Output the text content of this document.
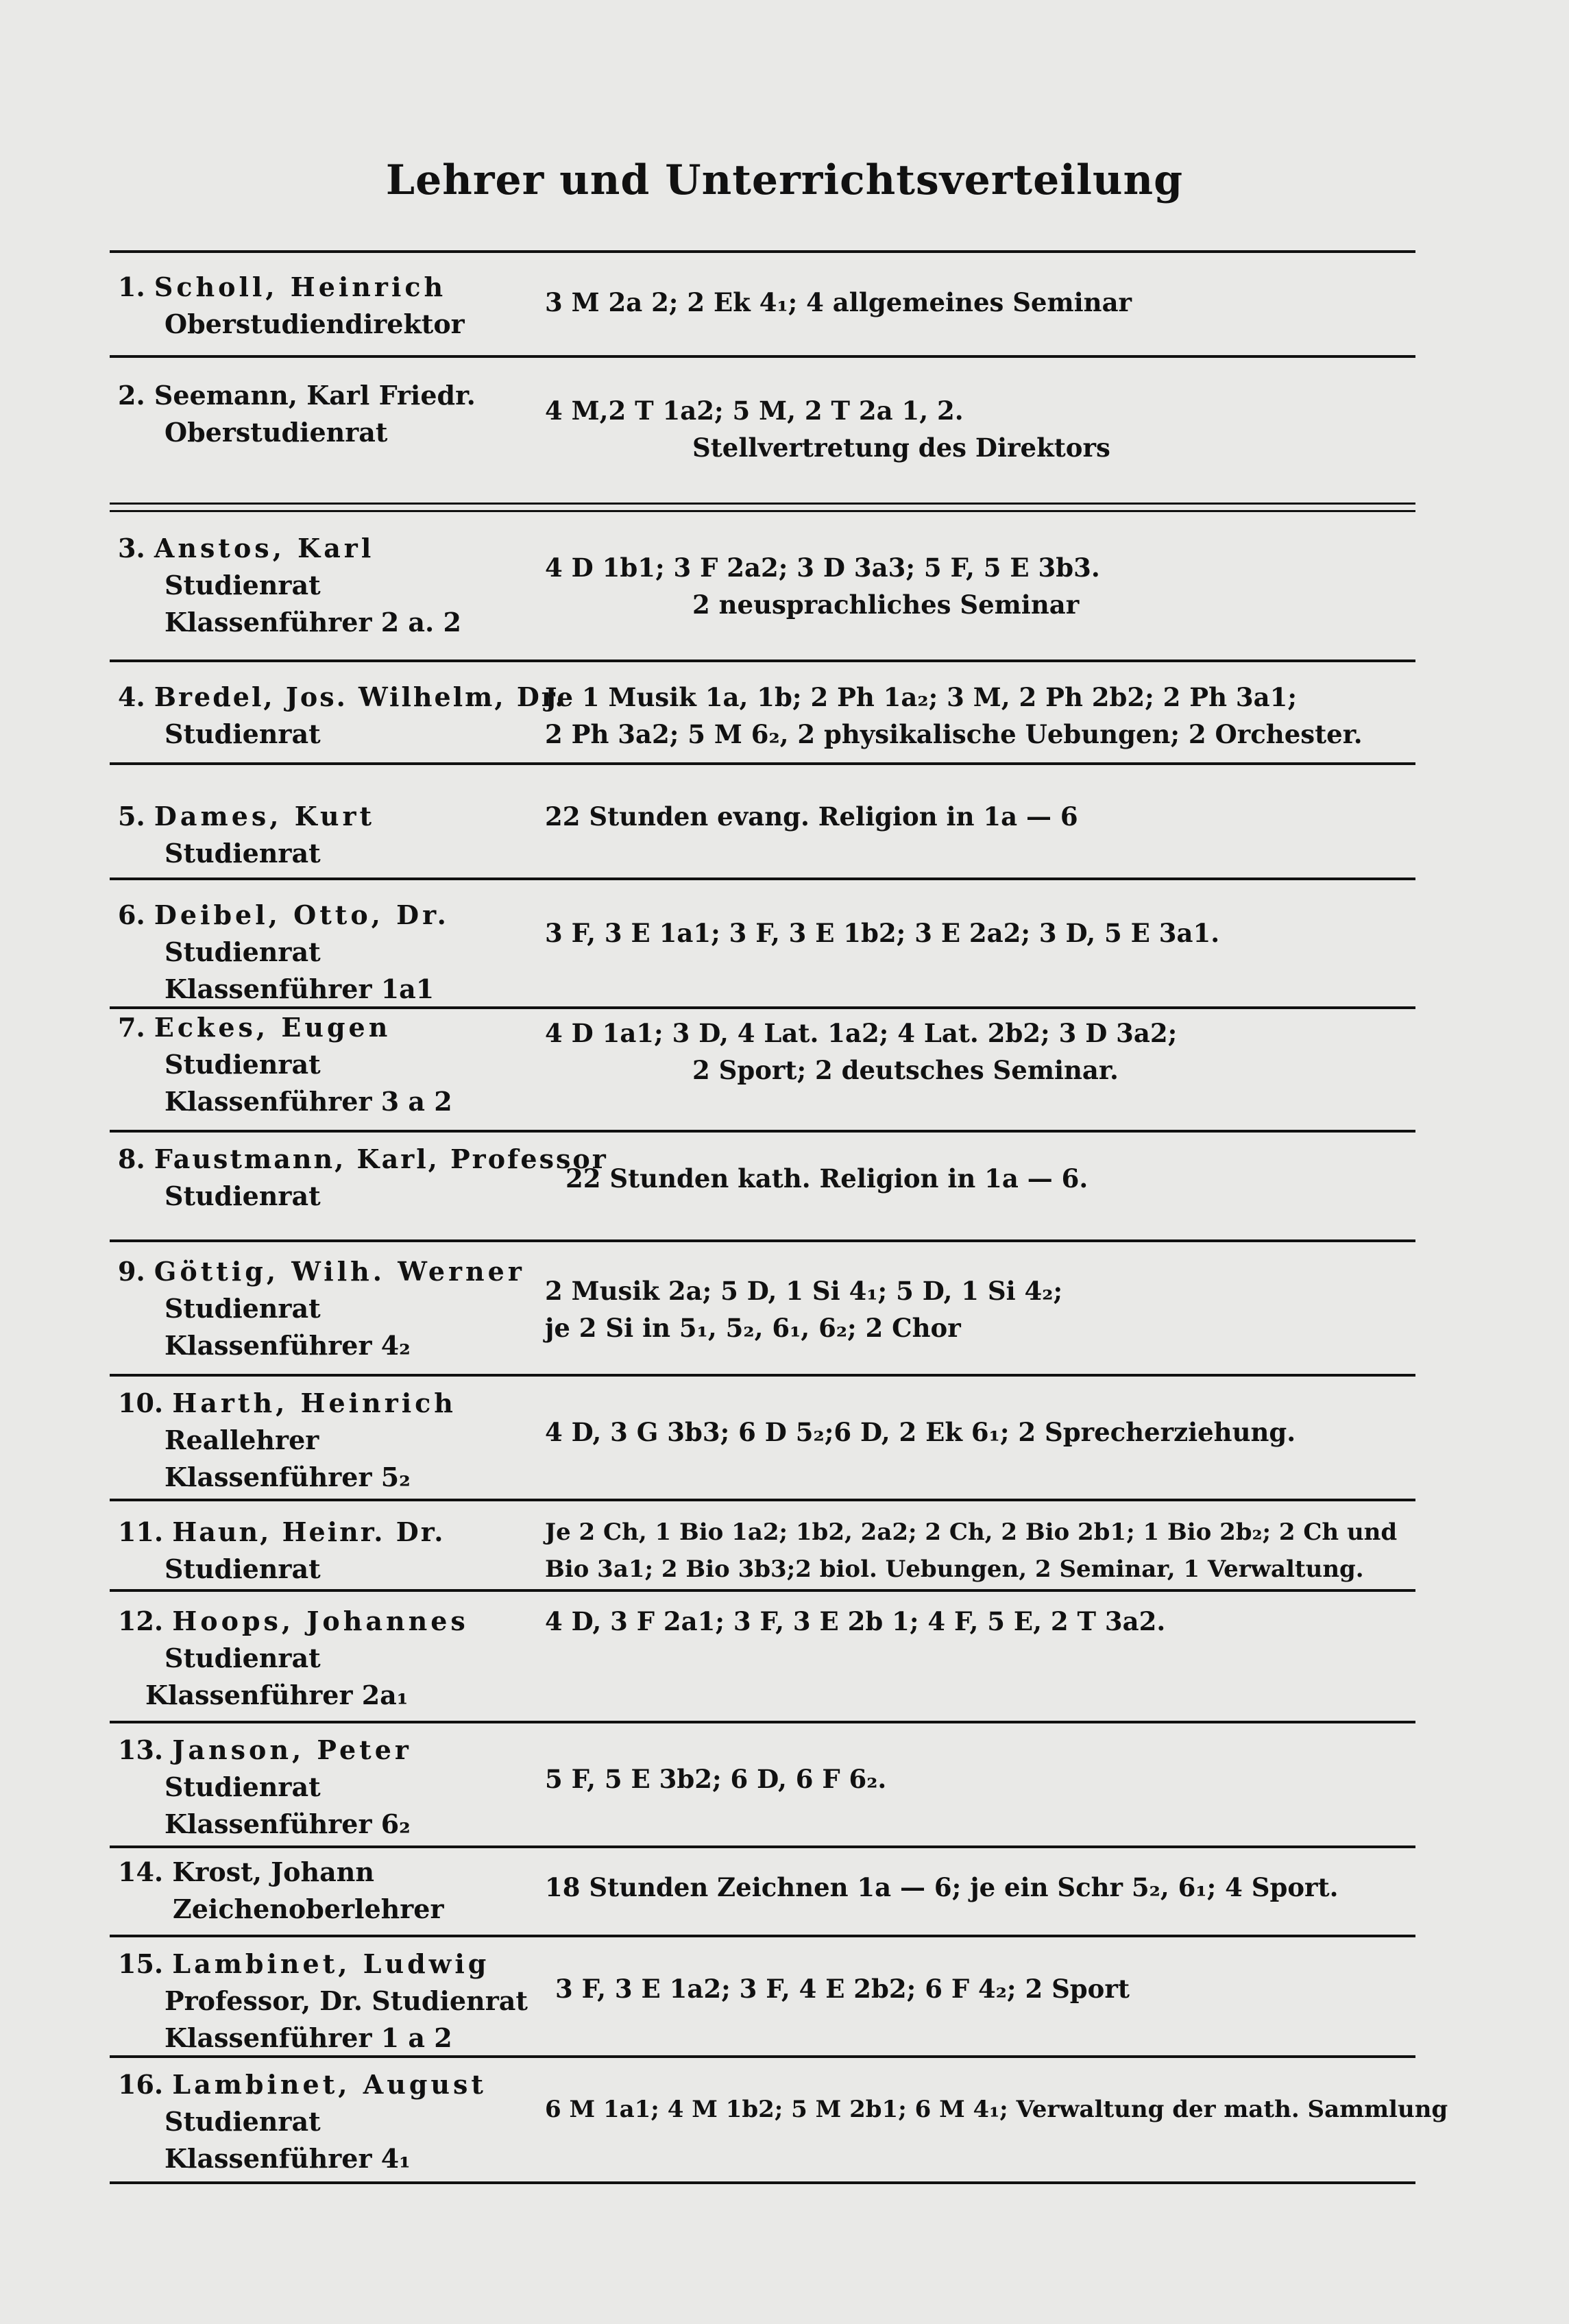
Lehrer und Unterrichtsverteilung
1. Scholl, Heinrich
Oberstudiendirektor
3 M 2a 2; 2 Ek 4₁; 4 allgemeines Seminar
2. Seemann, Karl Friedr.
Oberstudienrat
4 M,2 T 1a2; 5 M, 2 T 2a 1, 2.
Stellvertretung des Direktors
3. Anstos, Karl
Studienrat
Klassenführer 2 a. 2
4 D 1b1; 3 F 2a2; 3 D 3a3; 5 F, 5 E 3b3.
2 neusprachliches Seminar
4. Bredel, Jos. Wilhelm, Dr.
Studienrat
Je 1 Musik 1a, 1b; 2 Ph 1a₂; 3 M, 2 Ph 2b2; 2 Ph 3a1;
2 Ph 3a2; 5 M 6₂, 2 physikalische Uebungen; 2 Orchester.
5. Dames, Kurt
Studienrat
22 Stunden evang. Religion in 1a — 6
6. Deibel, Otto, Dr.
Studienrat
Klassenführer 1a1
3 F, 3 E 1a1; 3 F, 3 E 1b2; 3 E 2a2; 3 D, 5 E 3a1.
7. Eckes, Eugen
Studienrat
Klassenführer 3 a 2
4 D 1a1; 3 D, 4 Lat. 1a2; 4 Lat. 2b2; 3 D 3a2;
2 Sport; 2 deutsches Seminar.
8. Faustmann, Karl, Professor
Studienrat
22 Stunden kath. Religion in 1a — 6.
9. Göttig, Wilh. Werner
Studienrat
Klassenführer 4₂
2 Musik 2a; 5 D, 1 Si 4₁; 5 D, 1 Si 4₂;
je 2 Si in 5₁, 5₂, 6₁, 6₂; 2 Chor
10. Harth, Heinrich
Reallehrer
Klassenführer 5₂
4 D, 3 G 3b3; 6 D 5₂;6 D, 2 Ek 6₁; 2 Sprecherziehung.
11. Haun, Heinr. Dr.
Studienrat
Je 2 Ch, 1 Bio 1a2; 1b2, 2a2; 2 Ch, 2 Bio 2b1; 1 Bio 2b₂; 2 Ch und
Bio 3a1; 2 Bio 3b3;2 biol. Uebungen, 2 Seminar, 1 Verwaltung.
12. Hoops, Johannes
Studienrat
Klassenführer 2a₁
4 D, 3 F 2a1; 3 F, 3 E 2b 1; 4 F, 5 E, 2 T 3a2.
13. Janson, Peter
Studienrat
Klassenführer 6₂
5 F, 5 E 3b2; 6 D, 6 F 6₂.
14. Krost, Johann
Zeichenoberlehrer
18 Stunden Zeichnen 1a — 6; je ein Schr 5₂, 6₁; 4 Sport.
15. Lambinet, Ludwig
Professor, Dr. Studienrat
Klassenführer 1 a 2
3 F, 3 E 1a2; 3 F, 4 E 2b2; 6 F 4₂; 2 Sport
16. Lambinet, August
Studienrat
Klassenführer 4₁
6 M 1a1; 4 M 1b2; 5 M 2b1; 6 M 4₁; Verwaltung der math. Sammlung
